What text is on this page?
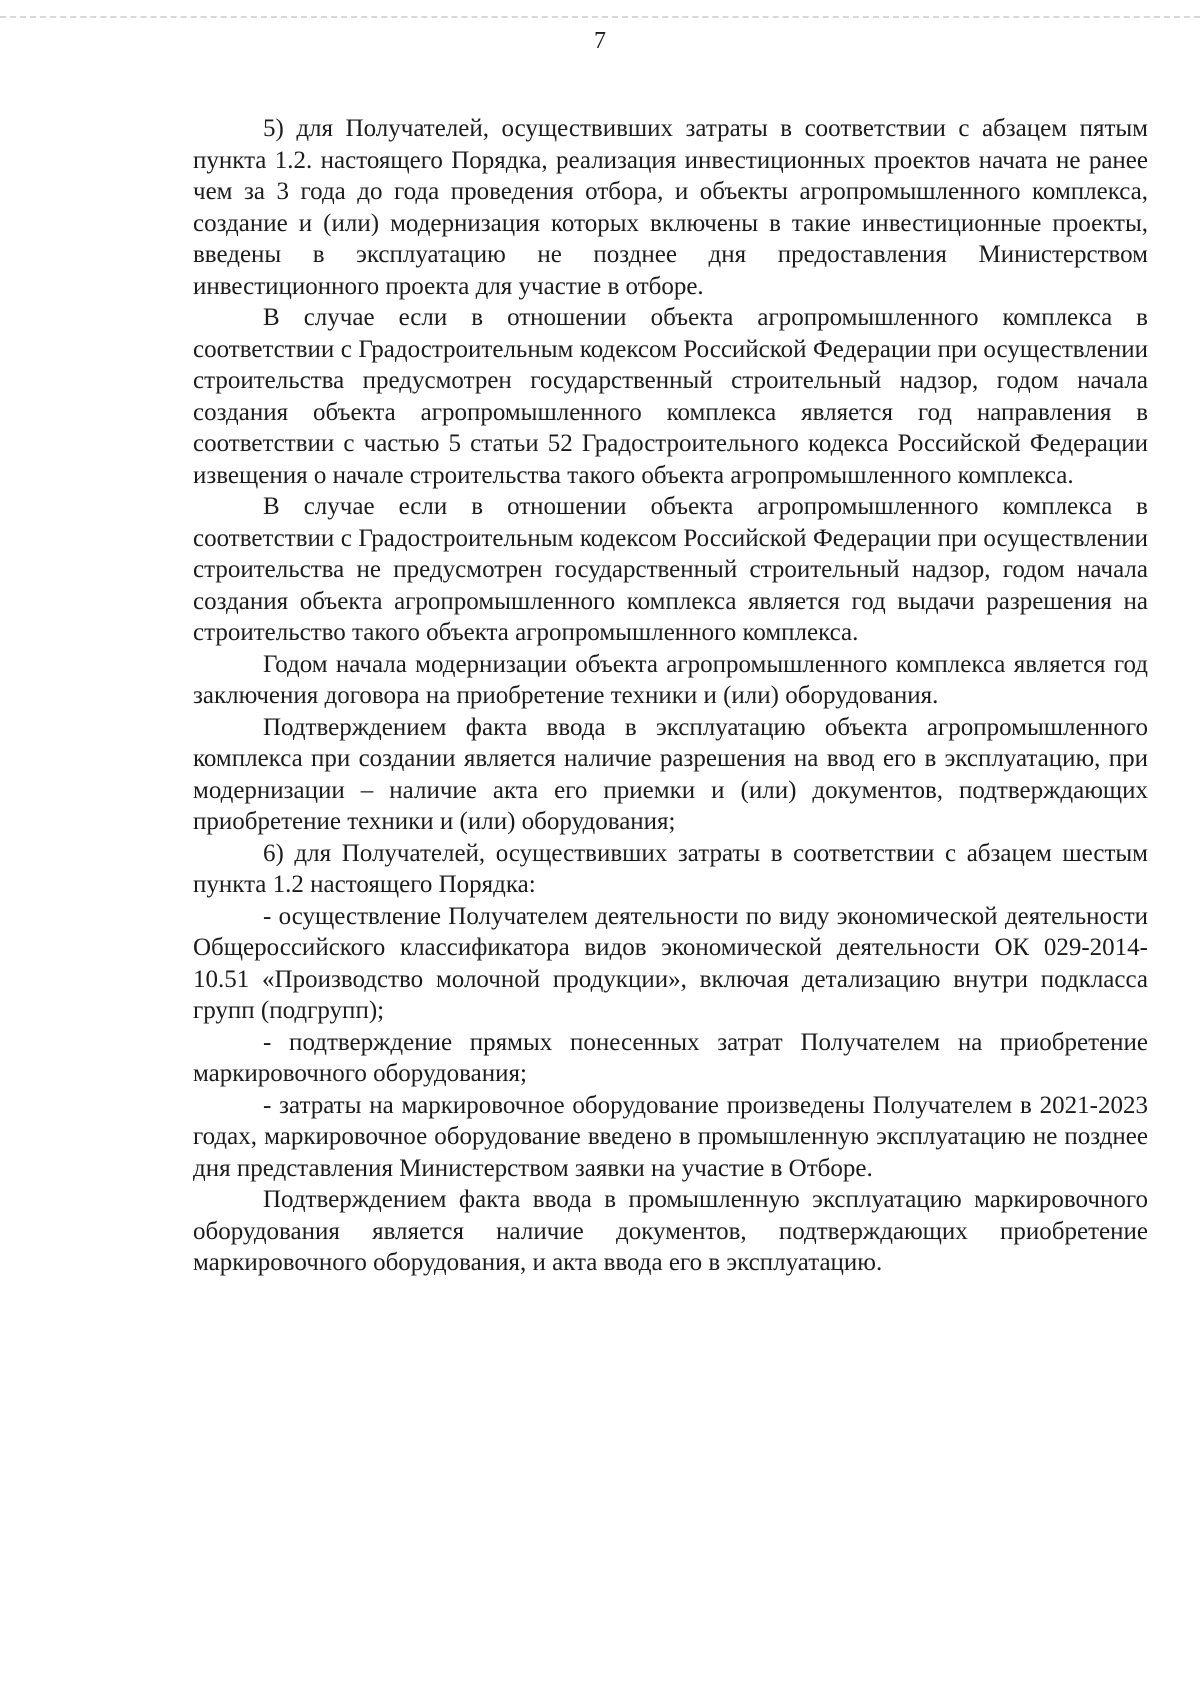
7

5) для Получателей, осуществивших затраты в соответствии с абзацем пятым пункта 1.2. настоящего Порядка, реализация инвестиционных проектов начата не ранее чем за 3 года до года проведения отбора, и объекты агропромышленного комплекса, создание и (или) модернизация которых включены в такие инвестиционные проекты, введены в эксплуатацию не позднее дня предоставления Министерством инвестиционного проекта для участие в отборе.

В случае если в отношении объекта агропромышленного комплекса в соответствии с Градостроительным кодексом Российской Федерации при осуществлении строительства предусмотрен государственный строительный надзор, годом начала создания объекта агропромышленного комплекса является год направления в соответствии с частью 5 статьи 52 Градостроительного кодекса Российской Федерации извещения о начале строительства такого объекта агропромышленного комплекса.

В случае если в отношении объекта агропромышленного комплекса в соответствии с Градостроительным кодексом Российской Федерации при осуществлении строительства не предусмотрен государственный строительный надзор, годом начала создания объекта агропромышленного комплекса является год выдачи разрешения на строительство такого объекта агропромышленного комплекса.

Годом начала модернизации объекта агропромышленного комплекса является год заключения договора на приобретение техники и (или) оборудования.

Подтверждением факта ввода в эксплуатацию объекта агропромышленного комплекса при создании является наличие разрешения на ввод его в эксплуатацию, при модернизации – наличие акта его приемки и (или) документов, подтверждающих приобретение техники и (или) оборудования;

6) для Получателей, осуществивших затраты в соответствии с абзацем шестым пункта 1.2 настоящего Порядка:

- осуществление Получателем деятельности по виду экономической деятельности Общероссийского классификатора видов экономической деятельности ОК 029-2014-10.51 «Производство молочной продукции», включая детализацию внутри подкласса групп (подгрупп);

- подтверждение прямых понесенных затрат Получателем на приобретение маркировочного оборудования;

- затраты на маркировочное оборудование произведены Получателем в 2021-2023 годах, маркировочное оборудование введено в промышленную эксплуатацию не позднее дня представления Министерством заявки на участие в Отборе.

Подтверждением факта ввода в промышленную эксплуатацию маркировочного оборудования является наличие документов, подтверждающих приобретение маркировочного оборудования, и акта ввода его в эксплуатацию.
